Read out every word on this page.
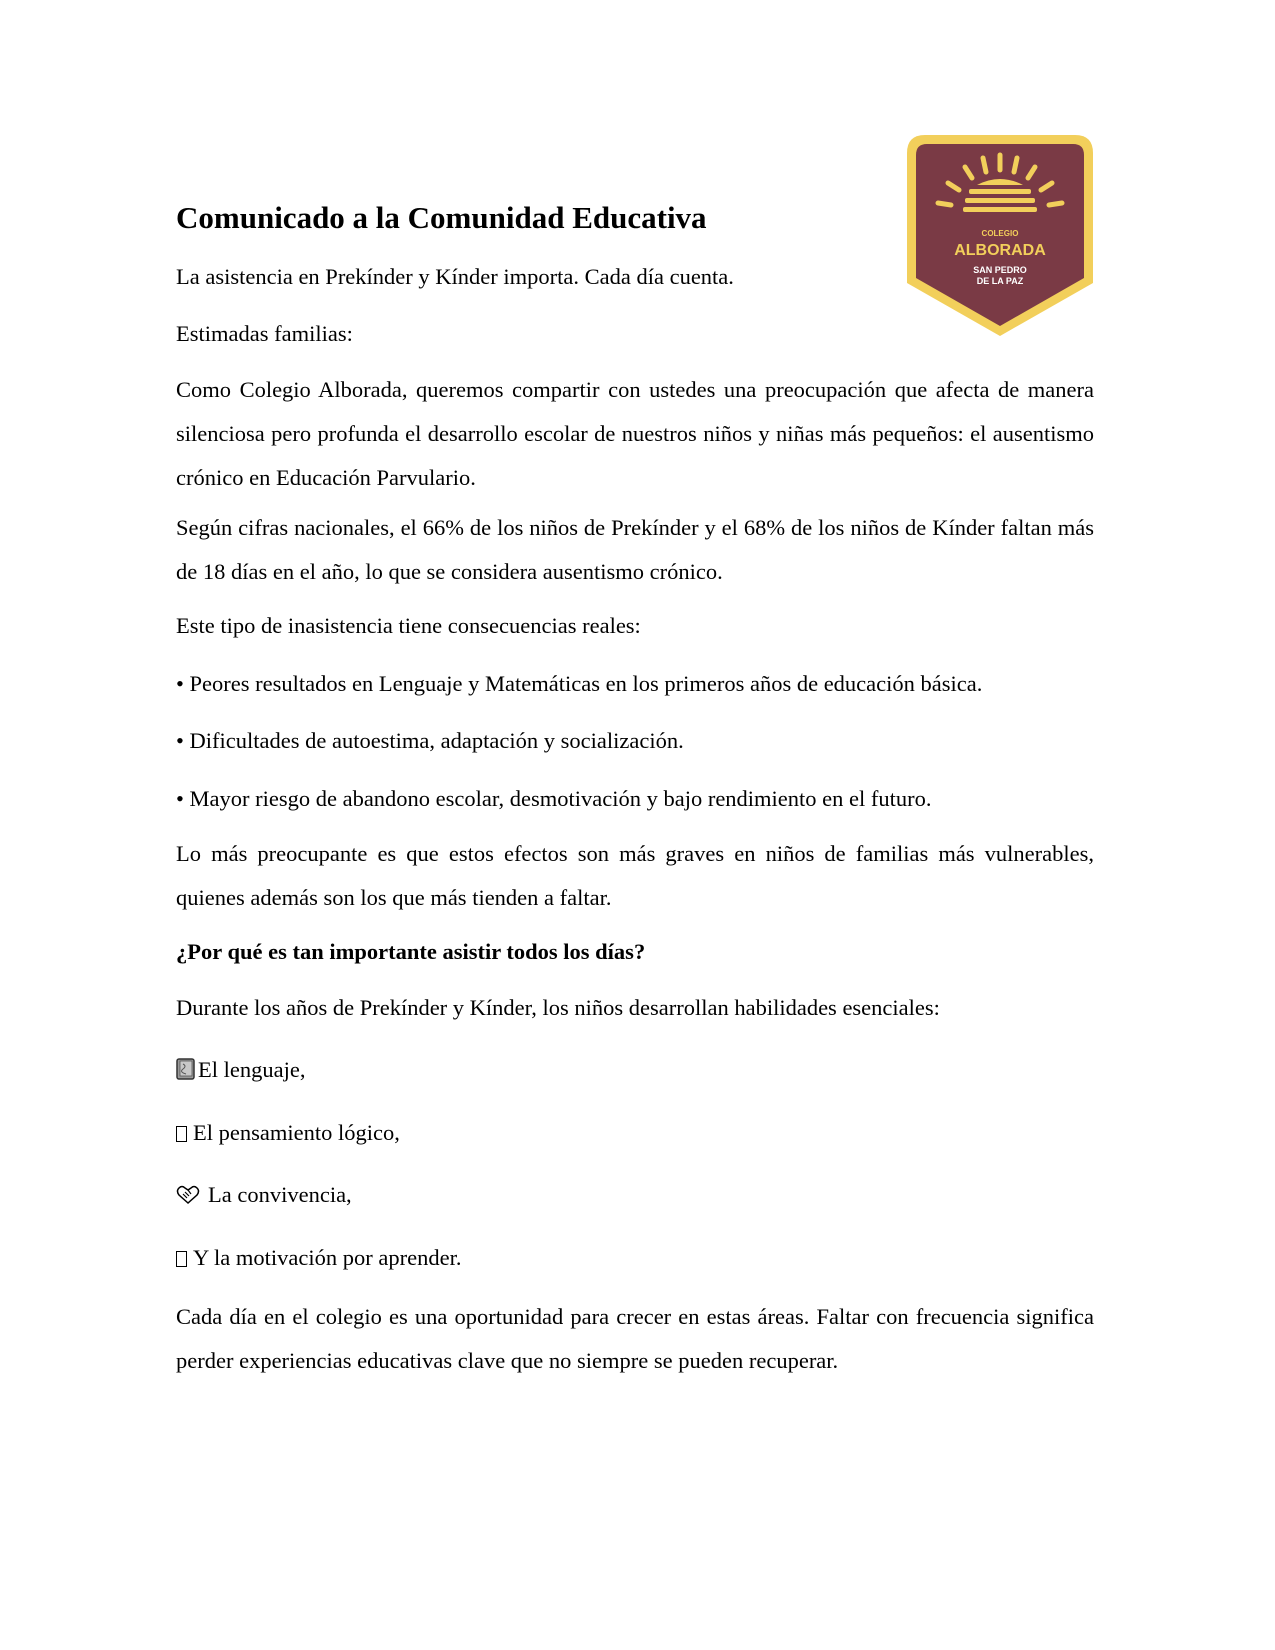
COLEGIO
ALBORADA
SAN PEDRO
DE LA PAZ
Comunicado a la Comunidad Educativa

La asistencia en Prekínder y Kínder importa. Cada día cuenta.

Estimadas familias:

Como Colegio Alborada, queremos compartir con ustedes una preocupación que afecta de manera silenciosa pero profunda el desarrollo escolar de nuestros niños y niñas más pequeños: el ausentismo crónico en Educación Parvulario.

Según cifras nacionales, el 66% de los niños de Prekínder y el 68% de los niños de Kínder faltan más de 18 días en el año, lo que se considera ausentismo crónico.

Este tipo de inasistencia tiene consecuencias reales:

• Peores resultados en Lenguaje y Matemáticas en los primeros años de educación básica.

• Dificultades de autoestima, adaptación y socialización.

• Mayor riesgo de abandono escolar, desmotivación y bajo rendimiento en el futuro.

Lo más preocupante es que estos efectos son más graves en niños de familias más vulnerables, quienes además son los que más tienden a faltar.

¿Por qué es tan importante asistir todos los días?

Durante los años de Prekínder y Kínder, los niños desarrollan habilidades esenciales:

El lenguaje,

El pensamiento lógico,

La convivencia,

Y la motivación por aprender.

Cada día en el colegio es una oportunidad para crecer en estas áreas. Faltar con frecuencia significa perder experiencias educativas clave que no siempre se pueden recuperar.
